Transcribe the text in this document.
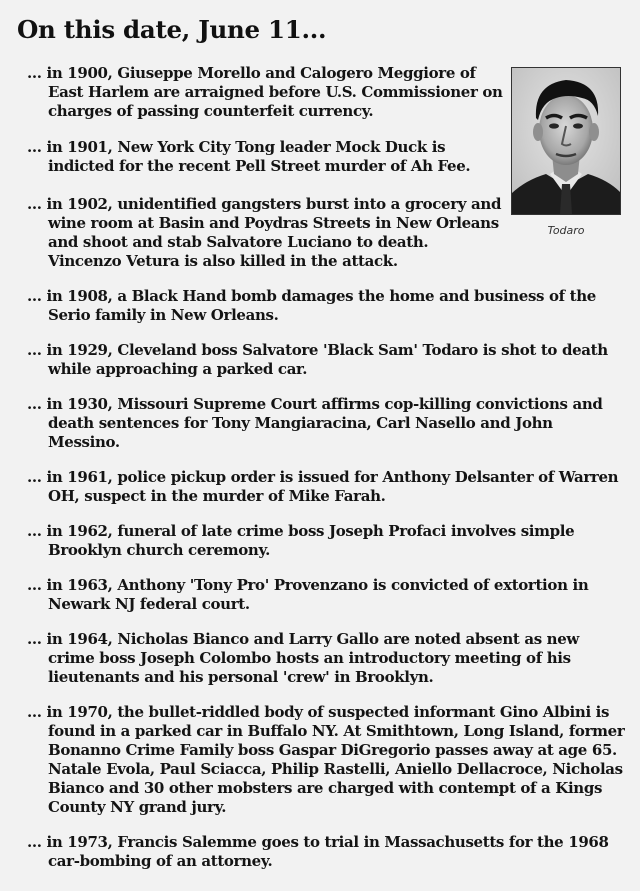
On this date, June 11...
Todaro
... in 1900, Giuseppe Morello and Calogero Meggiore of East Harlem are arraigned before U.S. Commissioner on charges of passing counterfeit currency.
... in 1901, New York City Tong leader Mock Duck is indicted for the recent Pell Street murder of Ah Fee.
... in 1902, unidentified gangsters burst into a grocery and wine room at Basin and Poydras Streets in New Orleans and shoot and stab Salvatore Luciano to death. Vincenzo Vetura is also killed in the attack.
... in 1908, a Black Hand bomb damages the home and business of the Serio family in New Orleans.
... in 1929, Cleveland boss Salvatore 'Black Sam' Todaro is shot to death while approaching a parked car.
... in 1930, Missouri Supreme Court affirms cop-killing convictions and death sentences for Tony Mangiaracina, Carl Nasello and John Messino.
... in 1961, police pickup order is issued for Anthony Delsanter of Warren OH, suspect in the murder of Mike Farah.
... in 1962, funeral of late crime boss Joseph Profaci involves simple Brooklyn church ceremony.
... in 1963, Anthony 'Tony Pro' Provenzano is convicted of extortion in Newark NJ federal court.
... in 1964, Nicholas Bianco and Larry Gallo are noted absent as new crime boss Joseph Colombo hosts an introductory meeting of his lieutenants and his personal 'crew' in Brooklyn.
... in 1970, the bullet-riddled body of suspected informant Gino Albini is found in a parked car in Buffalo NY. At Smithtown, Long Island, former Bonanno Crime Family boss Gaspar DiGregorio passes away at age 65. Natale Evola, Paul Sciacca, Philip Rastelli, Aniello Dellacroce, Nicholas Bianco and 30 other mobsters are charged with contempt of a Kings County NY grand jury.
... in 1973, Francis Salemme goes to trial in Massachusetts for the 1968 car-bombing of an attorney.
